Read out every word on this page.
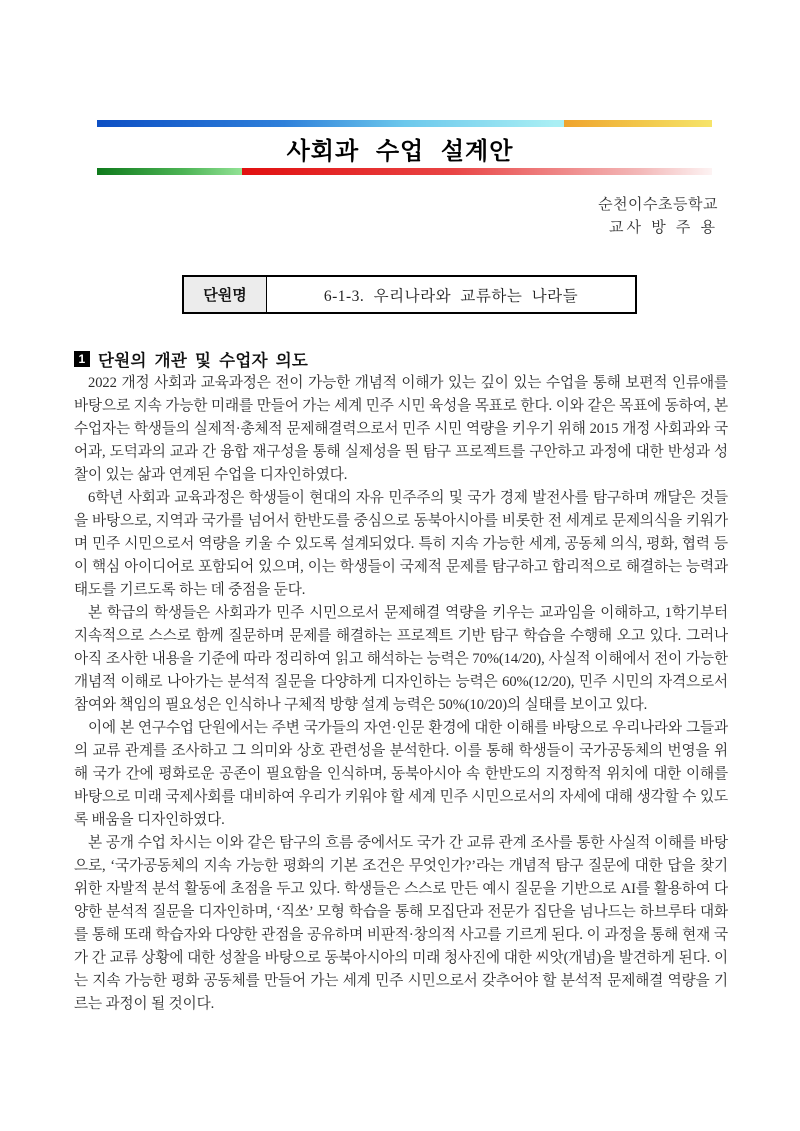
사회과 수업 설계안
순천이수초등학교
교사 방 주 용
단원명	6-1-3. 우리나라와 교류하는 나라들
1 단원의 개관 및 수업자 의도

2022 개정 사회과 교육과정은 전이 가능한 개념적 이해가 있는 깊이 있는 수업을 통해 보편적 인류애를 바탕으로 지속 가능한 미래를 만들어 가는 세계 민주 시민 육성을 목표로 한다. 이와 같은 목표에 동하여, 본 수업자는 학생들의 실제적·총체적 문제해결력으로서 민주 시민 역량을 키우기 위해 2015 개정 사회과와 국어과, 도덕과의 교과 간 융합 재구성을 통해 실제성을 띈 탐구 프로젝트를 구안하고 과정에 대한 반성과 성찰이 있는 삶과 연계된 수업을 디자인하였다.

6학년 사회과 교육과정은 학생들이 현대의 자유 민주주의 및 국가 경제 발전사를 탐구하며 깨달은 것들을 바탕으로, 지역과 국가를 넘어서 한반도를 중심으로 동북아시아를 비롯한 전 세계로 문제의식을 키워가며 민주 시민으로서 역량을 키울 수 있도록 설계되었다. 특히 지속 가능한 세계, 공동체 의식, 평화, 협력 등이 핵심 아이디어로 포함되어 있으며, 이는 학생들이 국제적 문제를 탐구하고 합리적으로 해결하는 능력과 태도를 기르도록 하는 데 중점을 둔다.

본 학급의 학생들은 사회과가 민주 시민으로서 문제해결 역량을 키우는 교과임을 이해하고, 1학기부터 지속적으로 스스로 함께 질문하며 문제를 해결하는 프로젝트 기반 탐구 학습을 수행해 오고 있다. 그러나 아직 조사한 내용을 기준에 따라 정리하여 읽고 해석하는 능력은 70%(14/20), 사실적 이해에서 전이 가능한 개념적 이해로 나아가는 분석적 질문을 다양하게 디자인하는 능력은 60%(12/20), 민주 시민의 자격으로서 참여와 책임의 필요성은 인식하나 구체적 방향 설계 능력은 50%(10/20)의 실태를 보이고 있다.

이에 본 연구수업 단원에서는 주변 국가들의 자연·인문 환경에 대한 이해를 바탕으로 우리나라와 그들과의 교류 관계를 조사하고 그 의미와 상호 관련성을 분석한다. 이를 통해 학생들이 국가공동체의 번영을 위해 국가 간에 평화로운 공존이 필요함을 인식하며, 동북아시아 속 한반도의 지정학적 위치에 대한 이해를 바탕으로 미래 국제사회를 대비하여 우리가 키워야 할 세계 민주 시민으로서의 자세에 대해 생각할 수 있도록 배움을 디자인하였다.

본 공개 수업 차시는 이와 같은 탐구의 흐름 중에서도 국가 간 교류 관계 조사를 통한 사실적 이해를 바탕으로, ‘국가공동체의 지속 가능한 평화의 기본 조건은 무엇인가?’라는 개념적 탐구 질문에 대한 답을 찾기 위한 자발적 분석 활동에 초점을 두고 있다. 학생들은 스스로 만든 예시 질문을 기반으로 AI를 활용하여 다양한 분석적 질문을 디자인하며, ‘직쏘’ 모형 학습을 통해 모집단과 전문가 집단을 넘나드는 하브루타 대화를 통해 또래 학습자와 다양한 관점을 공유하며 비판적·창의적 사고를 기르게 된다. 이 과정을 통해 현재 국가 간 교류 상황에 대한 성찰을 바탕으로 동북아시아의 미래 청사진에 대한 씨앗(개념)을 발견하게 된다. 이는 지속 가능한 평화 공동체를 만들어 가는 세계 민주 시민으로서 갖추어야 할 분석적 문제해결 역량을 기르는 과정이 될 것이다.
